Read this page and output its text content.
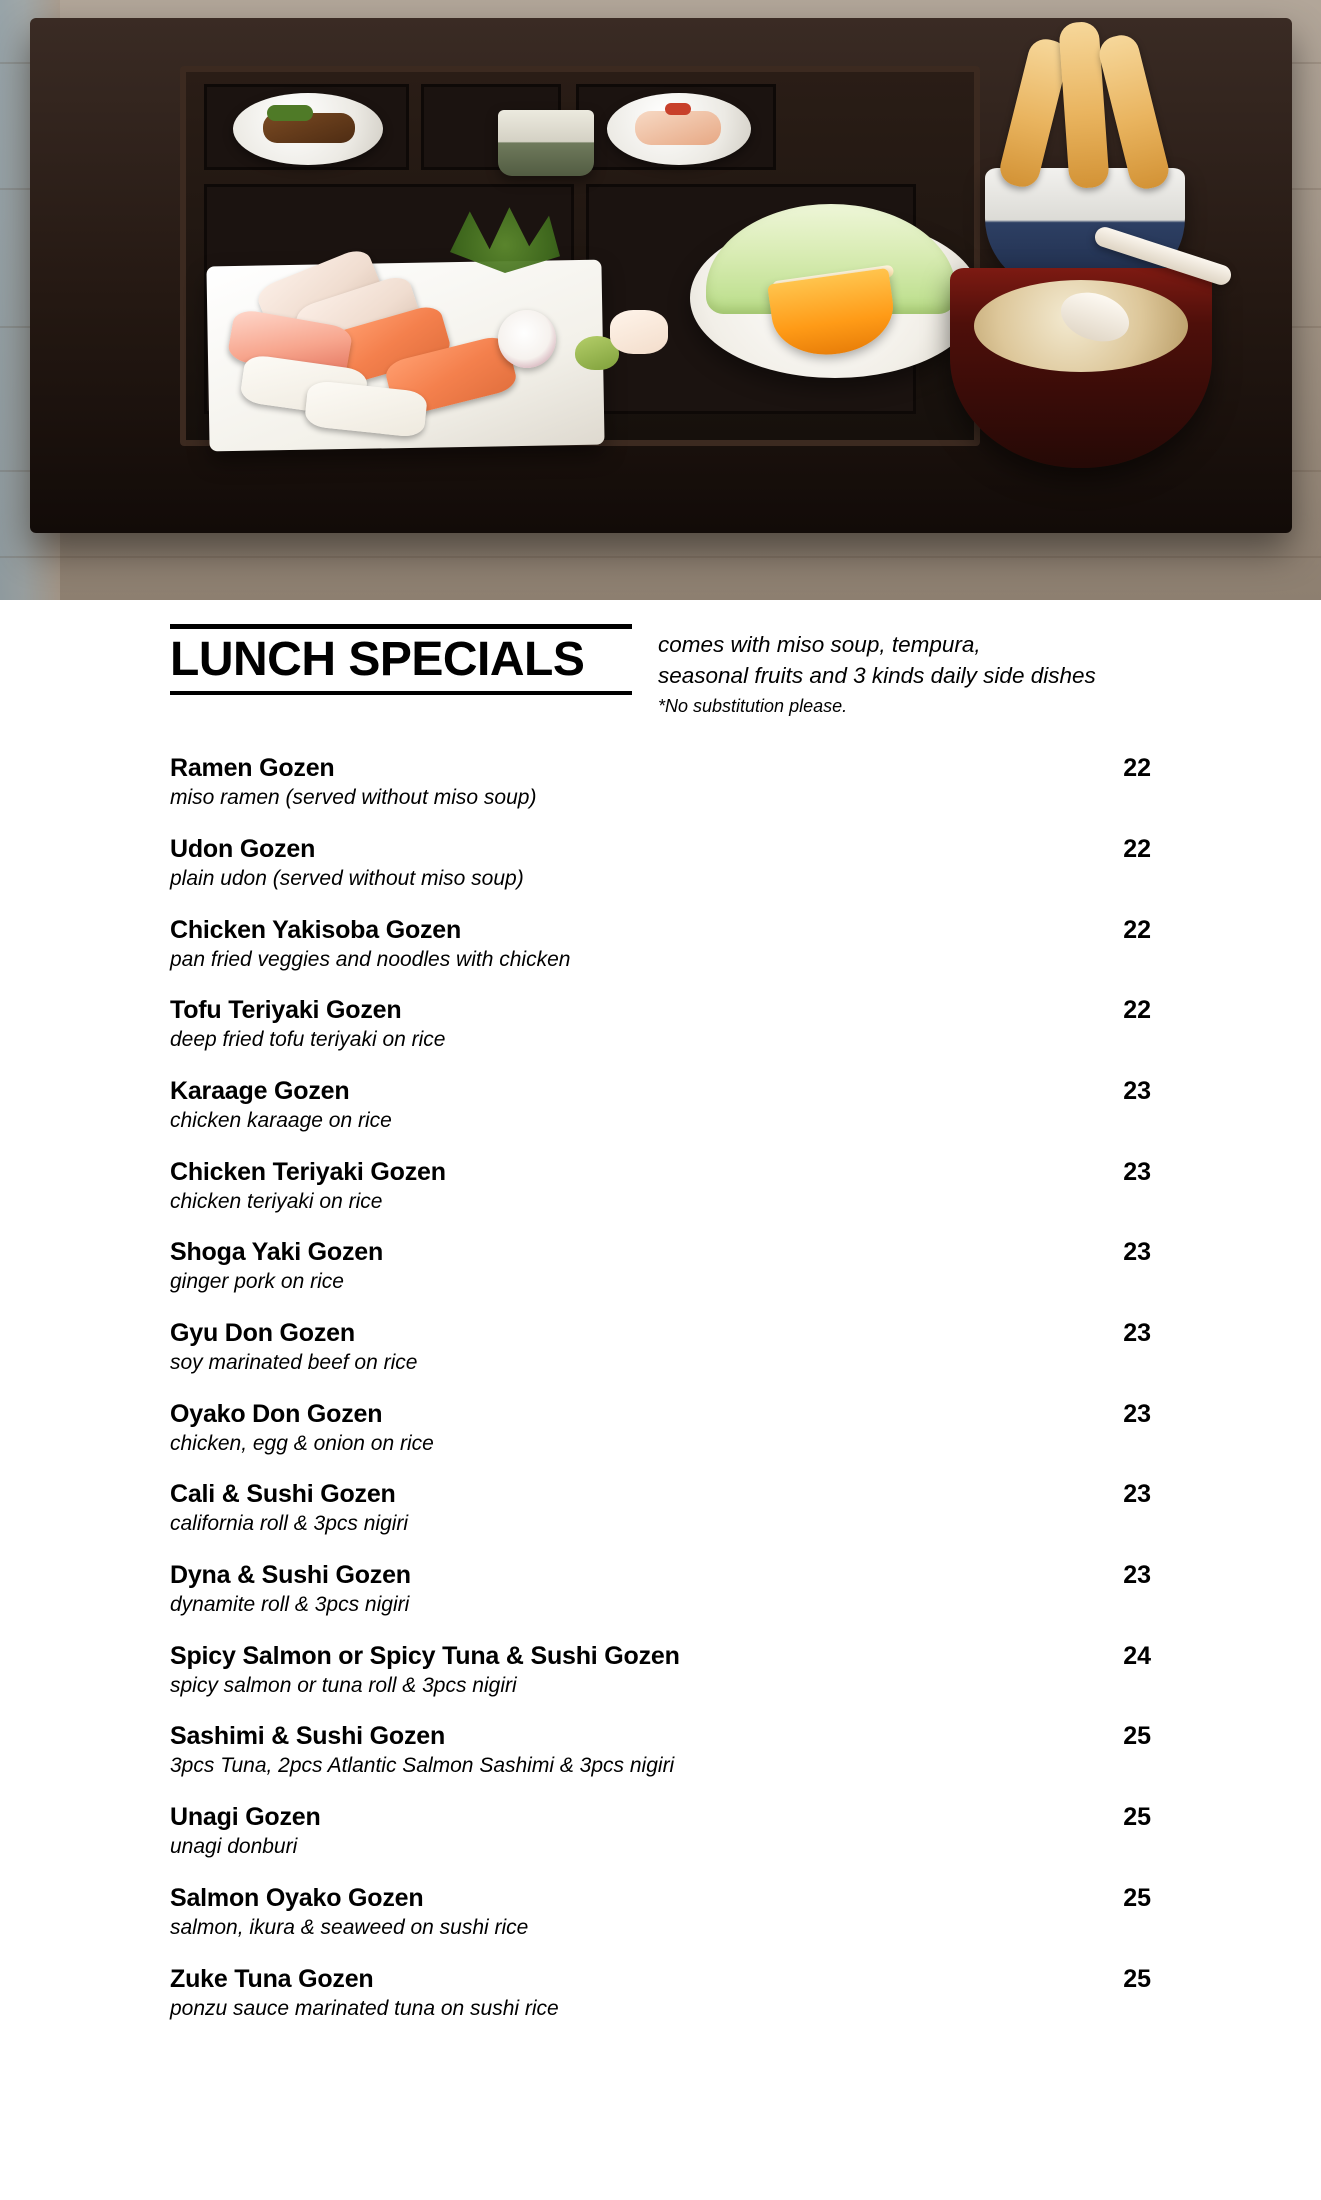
LUNCH SPECIALS	comes with miso soup, tempura,
seasonal fruits and 3 kinds daily side dishes
*No substitution please.
Ramen Gozen	22
miso ramen (served without miso soup)
Udon Gozen	22
plain udon (served without miso soup)
Chicken Yakisoba Gozen	22
pan fried veggies and noodles with chicken
Tofu Teriyaki Gozen	22
deep fried tofu teriyaki on rice
Karaage Gozen	23
chicken karaage on rice
Chicken Teriyaki Gozen	23
chicken teriyaki on rice
Shoga Yaki Gozen	23
ginger pork on rice
Gyu Don Gozen	23
soy marinated beef on rice
Oyako Don Gozen	23
chicken, egg & onion on rice
Cali & Sushi Gozen	23
california roll & 3pcs nigiri
Dyna & Sushi Gozen	23
dynamite roll & 3pcs nigiri
Spicy Salmon or Spicy Tuna & Sushi Gozen	24
spicy salmon or tuna roll & 3pcs nigiri
Sashimi & Sushi Gozen	25
3pcs Tuna, 2pcs Atlantic Salmon Sashimi & 3pcs nigiri
Unagi Gozen	25
unagi donburi
Salmon Oyako Gozen	25
salmon, ikura & seaweed on sushi rice
Zuke Tuna Gozen	25
ponzu sauce marinated tuna on sushi rice
